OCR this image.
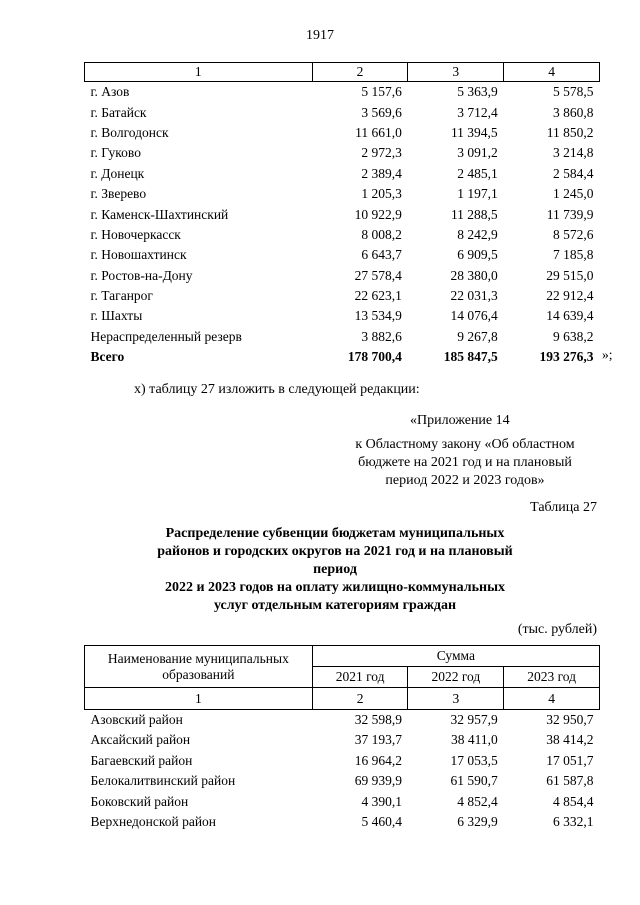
1917
1	2	3	4
г. Азов	5 157,6	5 363,9	5 578,5
г. Батайск	3 569,6	3 712,4	3 860,8
г. Волгодонск	11 661,0	11 394,5	11 850,2
г. Гуково	2 972,3	3 091,2	3 214,8
г. Донецк	2 389,4	2 485,1	2 584,4
г. Зверево	1 205,3	1 197,1	1 245,0
г. Каменск-Шахтинский	10 922,9	11 288,5	11 739,9
г. Новочеркасск	8 008,2	8 242,9	8 572,6
г. Новошахтинск	6 643,7	6 909,5	7 185,8
г. Ростов-на-Дону	27 578,4	28 380,0	29 515,0
г. Таганрог	22 623,1	22 031,3	22 912,4
г. Шахты	13 534,9	14 076,4	14 639,4
Нераспределенный резерв	3 882,6	9 267,8	9 638,2
Всего	178 700,4	185 847,5	193 276,3 »;
х) таблицу 27 изложить в следующей редакции:
«Приложение 14
к Областному закону «Об областном
бюджете на 2021 год и на плановый
период 2022 и 2023 годов»
Таблица 27
Распределение субвенции бюджетам муниципальных
районов и городских округов на 2021 год и на плановый период
2022 и 2023 годов на оплату жилищно-коммунальных
услуг отдельным категориям граждан
(тыс. рублей)
Наименование муниципальных
образований	Сумма		
	2021 год	2022 год	2023 год
1	2	3	4
Азовский район	32 598,9	32 957,9	32 950,7
Аксайский район	37 193,7	38 411,0	38 414,2
Багаевский район	16 964,2	17 053,5	17 051,7
Белокалитвинский район	69 939,9	61 590,7	61 587,8
Боковский район	4 390,1	4 852,4	4 854,4
Верхнедонской район	5 460,4	6 329,9	6 332,1
